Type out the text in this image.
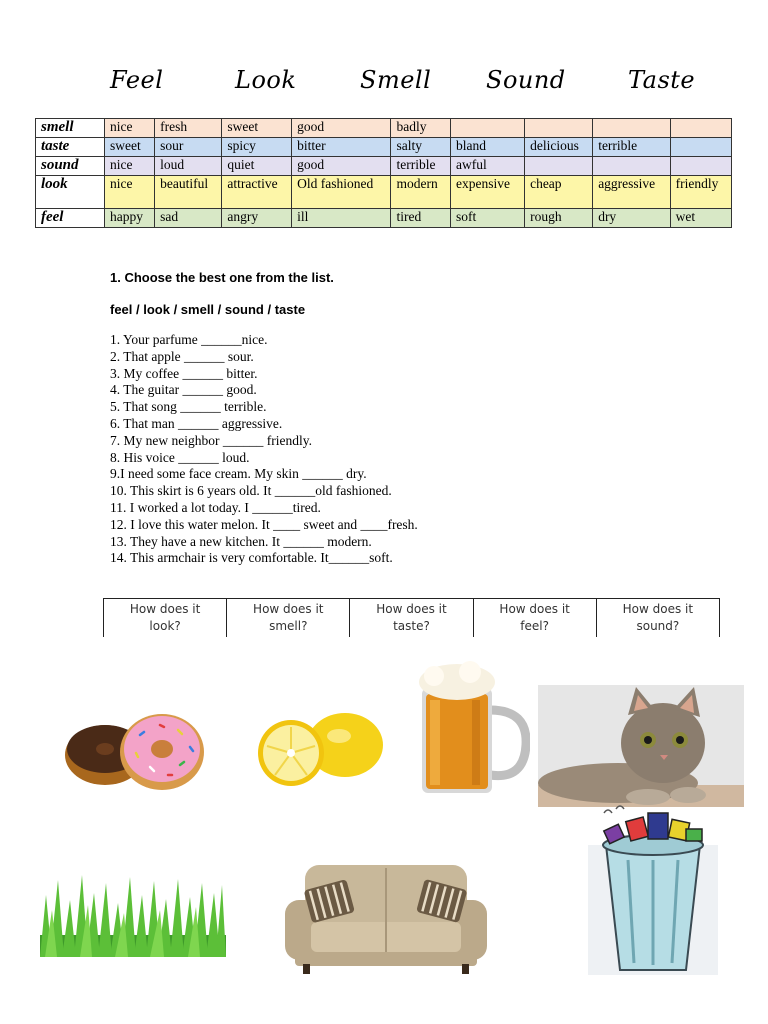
Feel	Look	Smell Sound	Taste
smell	nice	fresh	sweet	good	badly				
taste	sweet	sour	spicy	bitter	salty	bland	delicious	terrible	
sound	nice	loud	quiet	good	terrible	awful			
look	nice	beautiful	attractive	Old fashioned	modern	expensive	cheap	aggressive	friendly
feel	happy	sad	angry	ill	tired	soft	rough	dry	wet
1. Choose the best one from the list.
feel / look / smell / sound / taste
1. Your parfume ______nice.
2. That apple ______ sour.
3. My coffee ______ bitter.
4. The guitar ______ good.
5. That song ______ terrible.
6. That man ______ aggressive.
7. My new neighbor ______ friendly.
8. His voice ______ loud.
9.I need some face cream. My skin ______ dry.
10. This skirt is 6 years old. It ______old fashioned.
11. I worked a lot today. I ______tired.
12. I love this water melon. It ____ sweet and ____fresh.
13. They have a new kitchen. It ______ modern.
14. This armchair is very comfortable. It______soft.
How does it
look?

How does it
smell?

How does it
taste?

How does it
feel?

How does it
sound?
